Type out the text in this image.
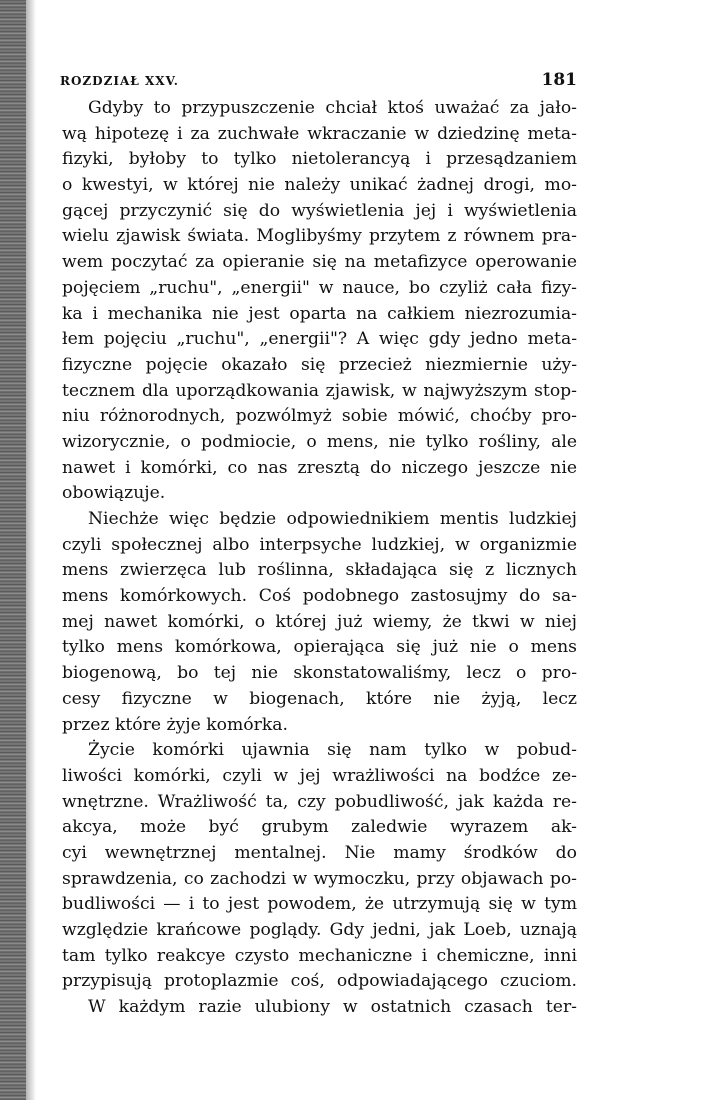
ROZDZIAŁ XXV.	181
Gdyby to przypuszczenie chciał ktoś uważać za jało-
wą hipotezę i za zuchwałe wkraczanie w dziedzinę meta-
fizyki, byłoby to tylko nietolerancyą i przesądzaniem
o kwestyi, w której nie należy unikać żadnej drogi, mo-
gącej przyczynić się do wyświetlenia jej i wyświetlenia
wielu zjawisk świata. Moglibyśmy przytem z równem pra-
wem poczytać za opieranie się na metafizyce operowanie
pojęciem „ruchu", „energii" w nauce, bo czyliż cała fizy-
ka i mechanika nie jest oparta na całkiem niezrozumia-
łem pojęciu „ruchu", „energii"? A więc gdy jedno meta-
fizyczne pojęcie okazało się przecież niezmiernie uży-
tecznem dla uporządkowania zjawisk, w najwyższym stop-
niu różnorodnych, pozwólmyż sobie mówić, choćby pro-
wizorycznie, o podmiocie, o mens, nie tylko rośliny, ale
nawet i komórki, co nas zresztą do niczego jeszcze nie
obowiązuje.
Niechże więc będzie odpowiednikiem mentis ludzkiej
czyli społecznej albo interpsyche ludzkiej, w organizmie
mens zwierzęca lub roślinna, składająca się z licznych
mens komórkowych. Coś podobnego zastosujmy do sa-
mej nawet komórki, o której już wiemy, że tkwi w niej
tylko mens komórkowa, opierająca się już nie o mens
biogenową, bo tej nie skonstatowaliśmy, lecz o pro-
cesy fizyczne w biogenach, które nie żyją, lecz
przez które żyje komórka.
Życie komórki ujawnia się nam tylko w pobud-
liwości komórki, czyli w jej wrażliwości na bodźce ze-
wnętrzne. Wrażliwość ta, czy pobudliwość, jak każda re-
akcya, może być grubym zaledwie wyrazem ak-
cyi wewnętrznej mentalnej. Nie mamy środków do
sprawdzenia, co zachodzi w wymoczku, przy objawach po-
budliwości — i to jest powodem, że utrzymują się w tym
względzie krańcowe poglądy. Gdy jedni, jak Loeb, uznają
tam tylko reakcye czysto mechaniczne i chemiczne, inni
przypisują protoplazmie coś, odpowiadającego czuciom.
W każdym razie ulubiony w ostatnich czasach ter-
